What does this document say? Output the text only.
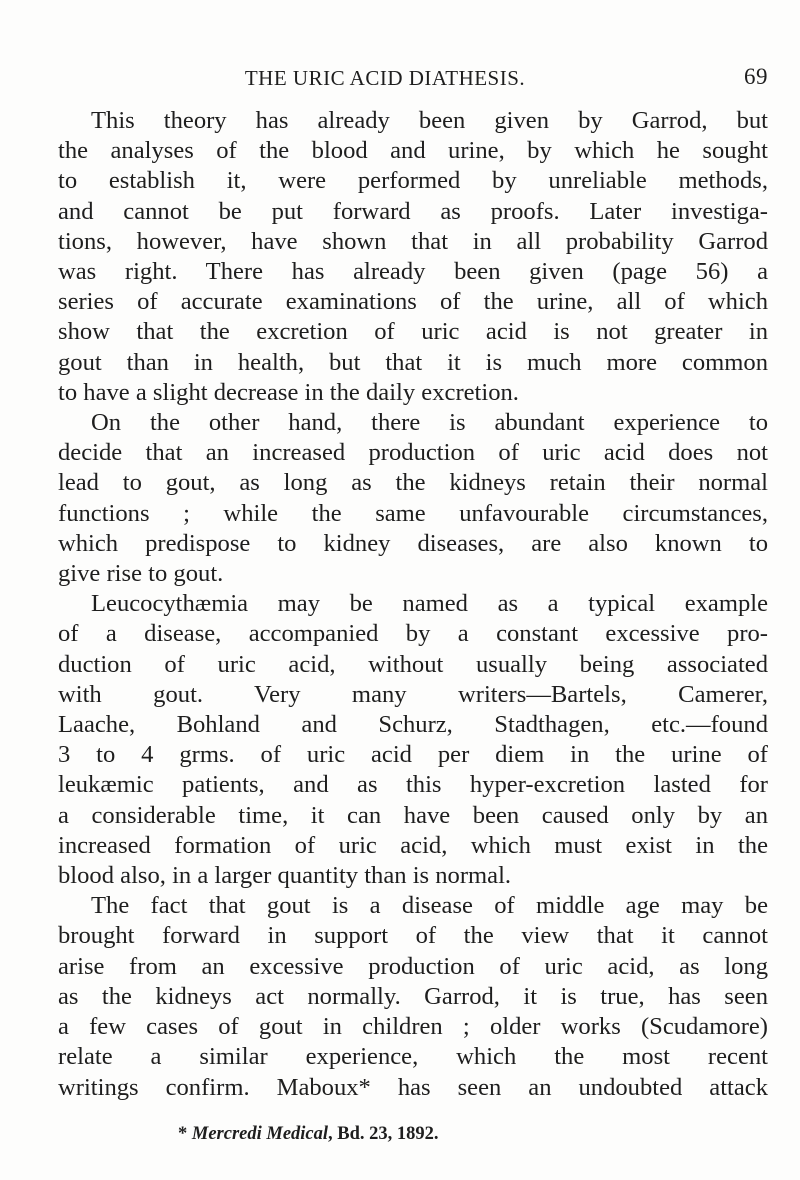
THE URIC ACID DIATHESIS.	69

This theory has already been given by Garrod, but
the analyses of the blood and urine, by which he sought
to establish it, were performed by unreliable methods,
and cannot be put forward as proofs. Later investiga-
tions, however, have shown that in all probability Garrod
was right. There has already been given (page 56) a
series of accurate examinations of the urine, all of which
show that the excretion of uric acid is not greater in
gout than in health, but that it is much more common
to have a slight decrease in the daily excretion.

On the other hand, there is abundant experience to
decide that an increased production of uric acid does not
lead to gout, as long as the kidneys retain their normal
functions ; while the same unfavourable circumstances,
which predispose to kidney diseases, are also known to
give rise to gout.

Leucocythæmia may be named as a typical example
of a disease, accompanied by a constant excessive pro-
duction of uric acid, without usually being associated
with gout. Very many writers—Bartels, Camerer,
Laache, Bohland and Schurz, Stadthagen, etc.—found
3 to 4 grms. of uric acid per diem in the urine of
leukæmic patients, and as this hyper-excretion lasted for
a considerable time, it can have been caused only by an
increased formation of uric acid, which must exist in the
blood also, in a larger quantity than is normal.

The fact that gout is a disease of middle age may be
brought forward in support of the view that it cannot
arise from an excessive production of uric acid, as long
as the kidneys act normally. Garrod, it is true, has seen
a few cases of gout in children ; older works (Scudamore)
relate a similar experience, which the most recent
writings confirm. Maboux* has seen an undoubted attack

* Mercredi Medical, Bd. 23, 1892.
